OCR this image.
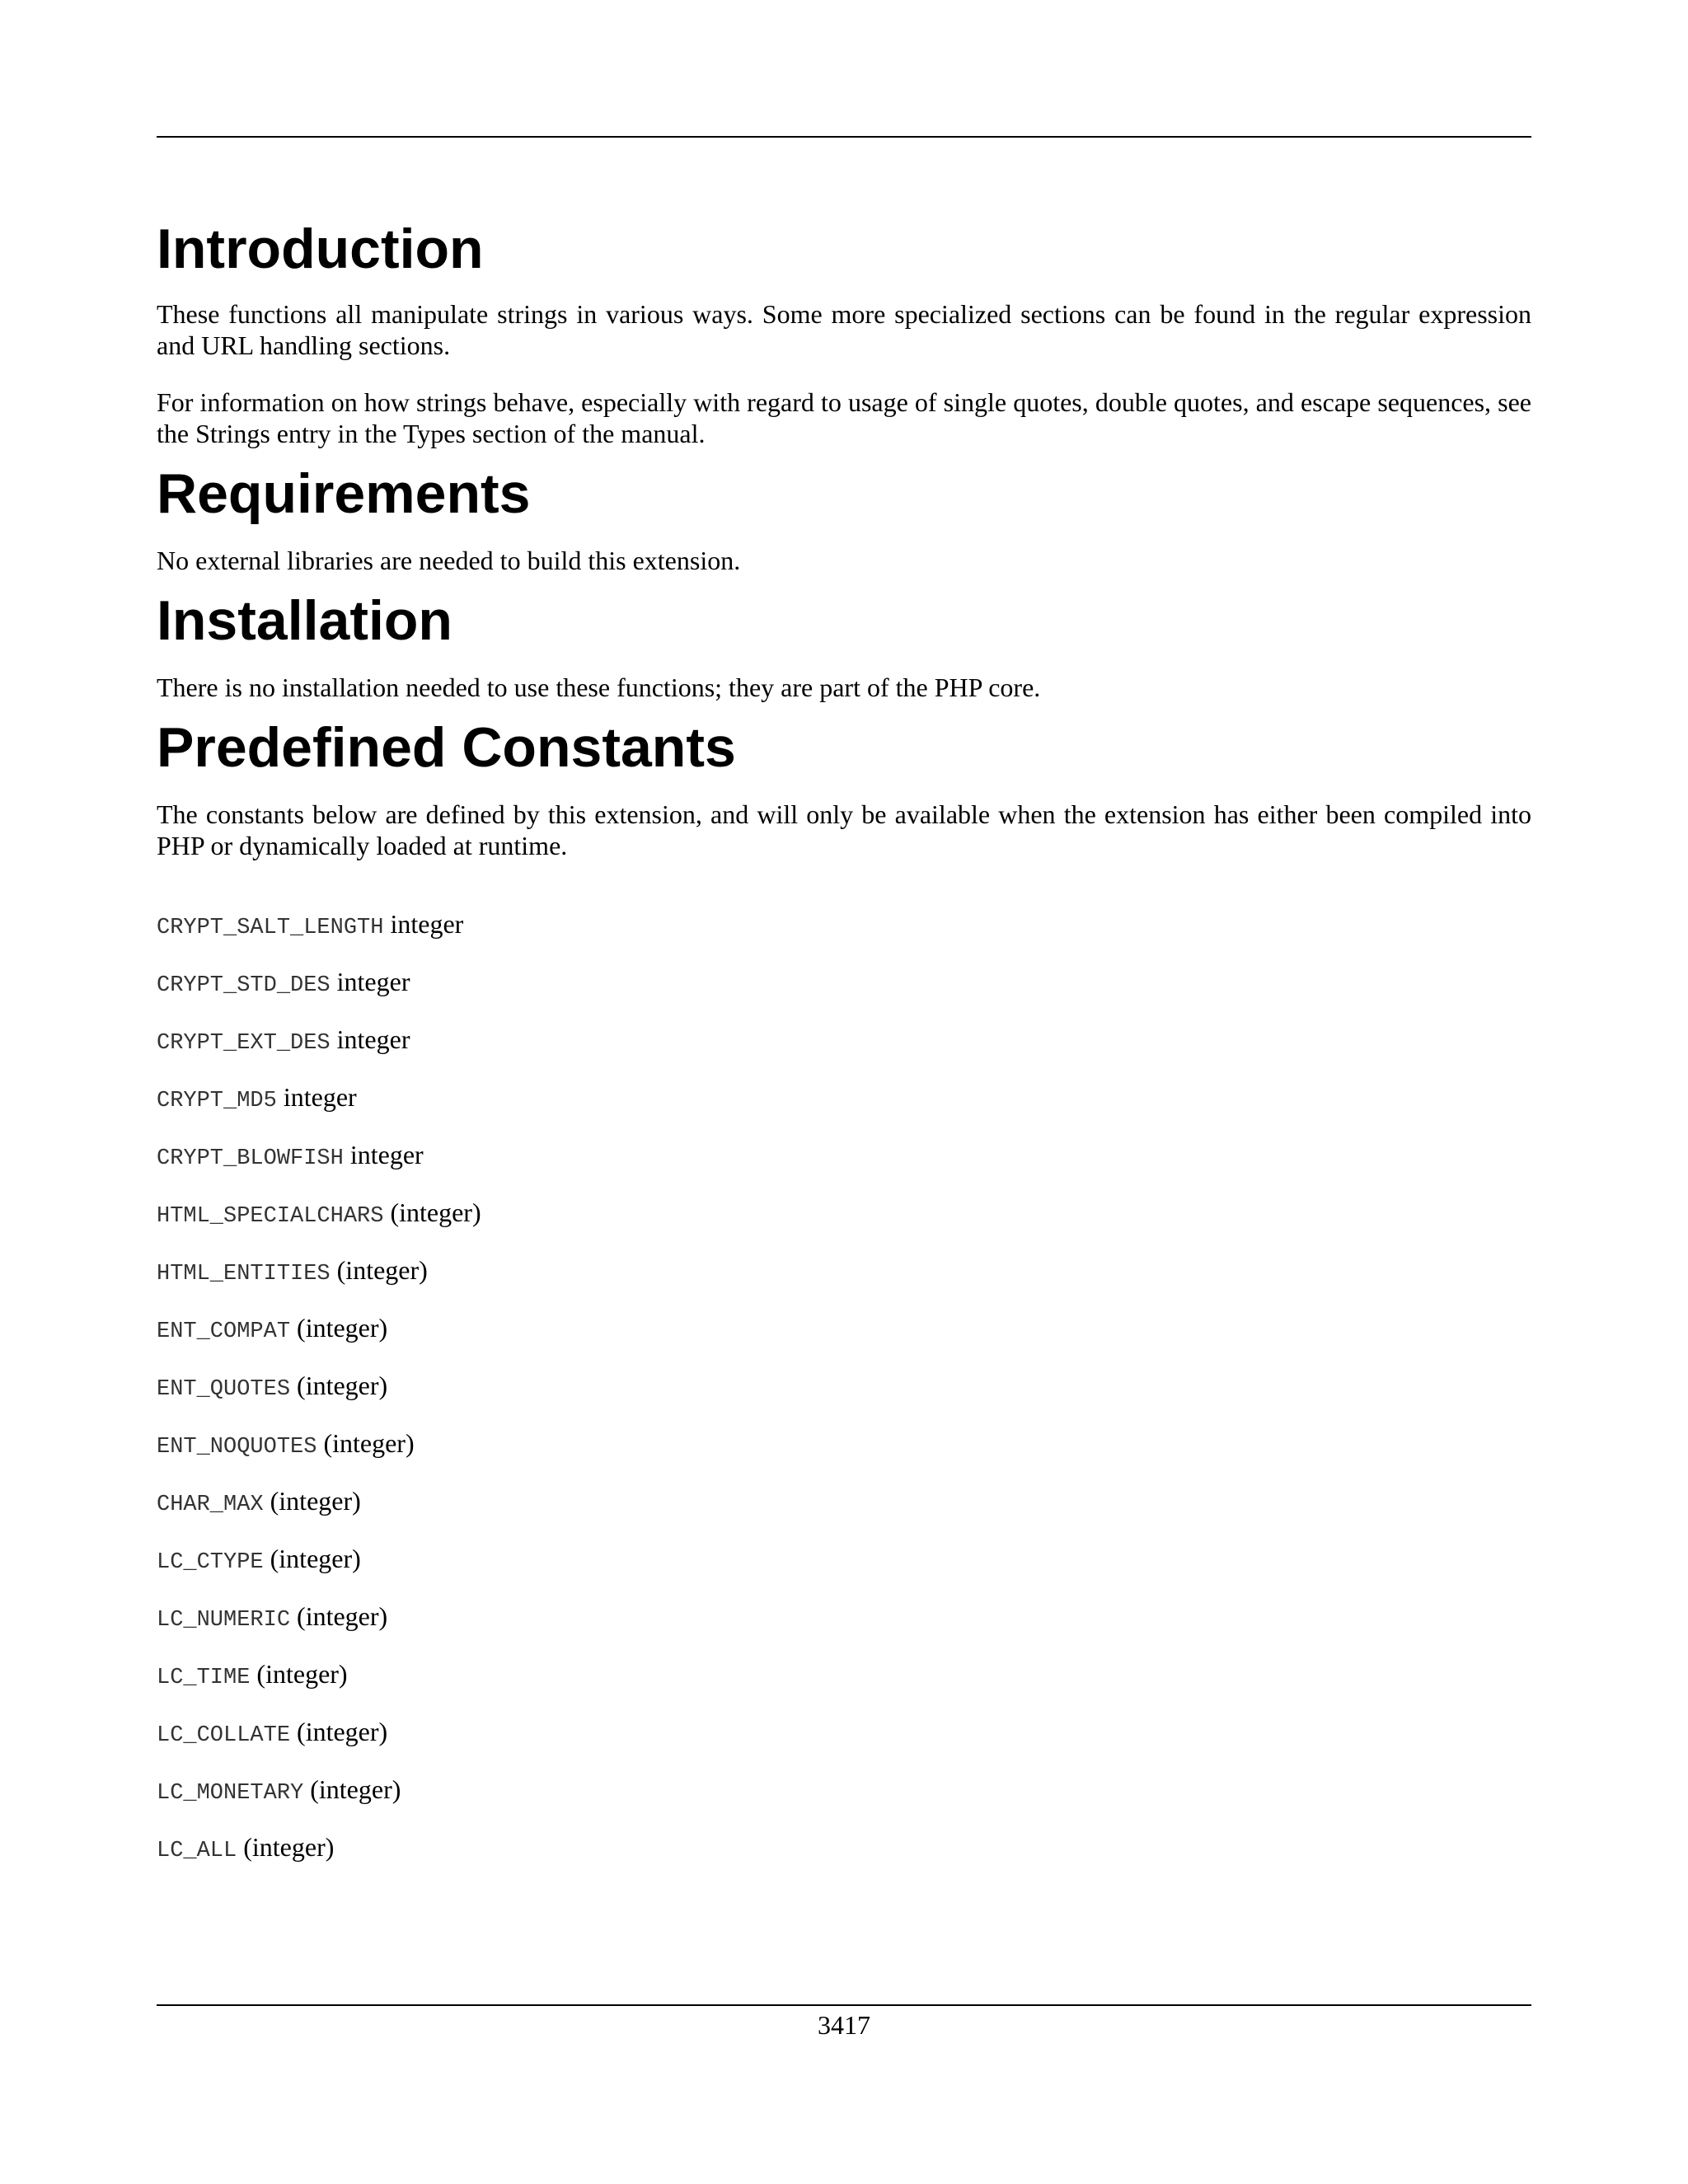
Introduction

These functions all manipulate strings in various ways. Some more specialized sections can be found in the regular expression and URL handling sections.

For information on how strings behave, especially with regard to usage of single quotes, double quotes, and escape sequences, see the Strings entry in the Types section of the manual.

Requirements

No external libraries are needed to build this extension.

Installation

There is no installation needed to use these functions; they are part of the PHP core.

Predefined Constants

The constants below are defined by this extension, and will only be available when the extension has either been compiled into PHP or dynamically loaded at runtime.

CRYPT_SALT_LENGTH integer
CRYPT_STD_DES integer
CRYPT_EXT_DES integer
CRYPT_MD5 integer
CRYPT_BLOWFISH integer
HTML_SPECIALCHARS (integer)
HTML_ENTITIES (integer)
ENT_COMPAT (integer)
ENT_QUOTES (integer)
ENT_NOQUOTES (integer)
CHAR_MAX (integer)
LC_CTYPE (integer)
LC_NUMERIC (integer)
LC_TIME (integer)
LC_COLLATE (integer)
LC_MONETARY (integer)
LC_ALL (integer)
3417
